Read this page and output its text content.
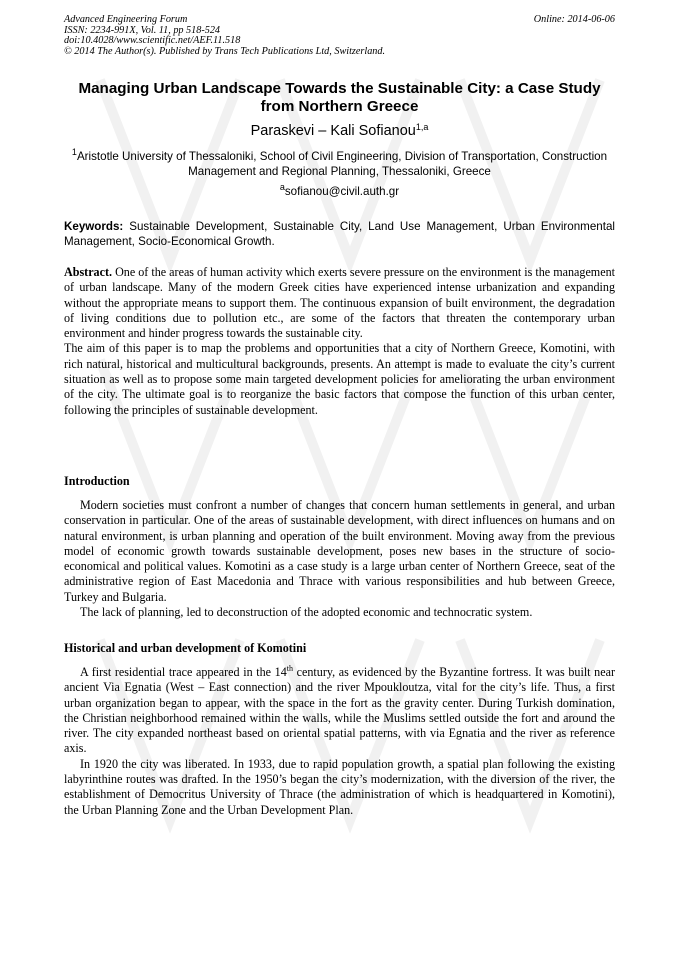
Advanced Engineering Forum	Online: 2014-06-06
ISSN: 2234-991X, Vol. 11, pp 518-524
doi:10.4028/www.scientific.net/AEF.11.518
© 2014 The Author(s). Published by Trans Tech Publications Ltd, Switzerland.
Managing Urban Landscape Towards the Sustainable City: a Case Study from Northern Greece
Paraskevi – Kali Sofianou$^{1,a}$
$^1$Aristotle University of Thessaloniki, School of Civil Engineering, Division of Transportation, Construction Management and Regional Planning, Thessaloniki, Greece
$^a$sofianou@civil.auth.gr
Keywords: Sustainable Development, Sustainable City, Land Use Management, Urban Environmental Management, Socio-Economical Growth.

Abstract. One of the areas of human activity which exerts severe pressure on the environment is the management of urban landscape. Many of the modern Greek cities have experienced intense urbanization and expanding without the appropriate means to support them. The continuous expansion of built environment, the degradation of living conditions due to pollution etc., are some of the factors that threaten the contemporary urban environment and hinder progress towards the sustainable city.

The aim of this paper is to map the problems and opportunities that a city of Northern Greece, Komotini, with rich natural, historical and multicultural backgrounds, presents. An attempt is made to evaluate the city’s current situation as well as to propose some main targeted development policies for ameliorating the urban environment of the city. The ultimate goal is to reorganize the basic factors that compose the function of this urban center, following the principles of sustainable development.

Introduction

Modern societies must confront a number of changes that concern human settlements in general, and urban conservation in particular. One of the areas of sustainable development, with direct influences on humans and on natural environment, is urban planning and operation of the built environment. Moving away from the previous model of economic growth towards sustainable development, poses new bases in the structure of socio-economical and political values. Komotini as a case study is a large urban center of Northern Greece, seat of the administrative region of East Macedonia and Thrace with various responsibilities and hub between Greece, Turkey and Bulgaria.

The lack of planning, led to deconstruction of the adopted economic and technocratic system.

Historical and urban development of Komotini

A first residential trace appeared in the 14th century, as evidenced by the Byzantine fortress. It was built near ancient Via Egnatia (West – East connection) and the river Mpoukloutza, vital for the city’s life. Thus, a first urban organization began to appear, with the space in the fort as the gravity center. During Turkish domination, the Christian neighborhood remained within the walls, while the Muslims settled outside the fort and around the river. The city expanded northeast based on oriental spatial patterns, with via Egnatia and the river as reference axis.

In 1920 the city was liberated. In 1933, due to rapid population growth, a spatial plan following the existing labyrinthine routes was drafted. In the 1950’s began the city’s modernization, with the diversion of the river, the establishment of Democritus University of Thrace (the administration of which is headquartered in Komotini), the Urban Planning Zone and the Urban Development Plan.
